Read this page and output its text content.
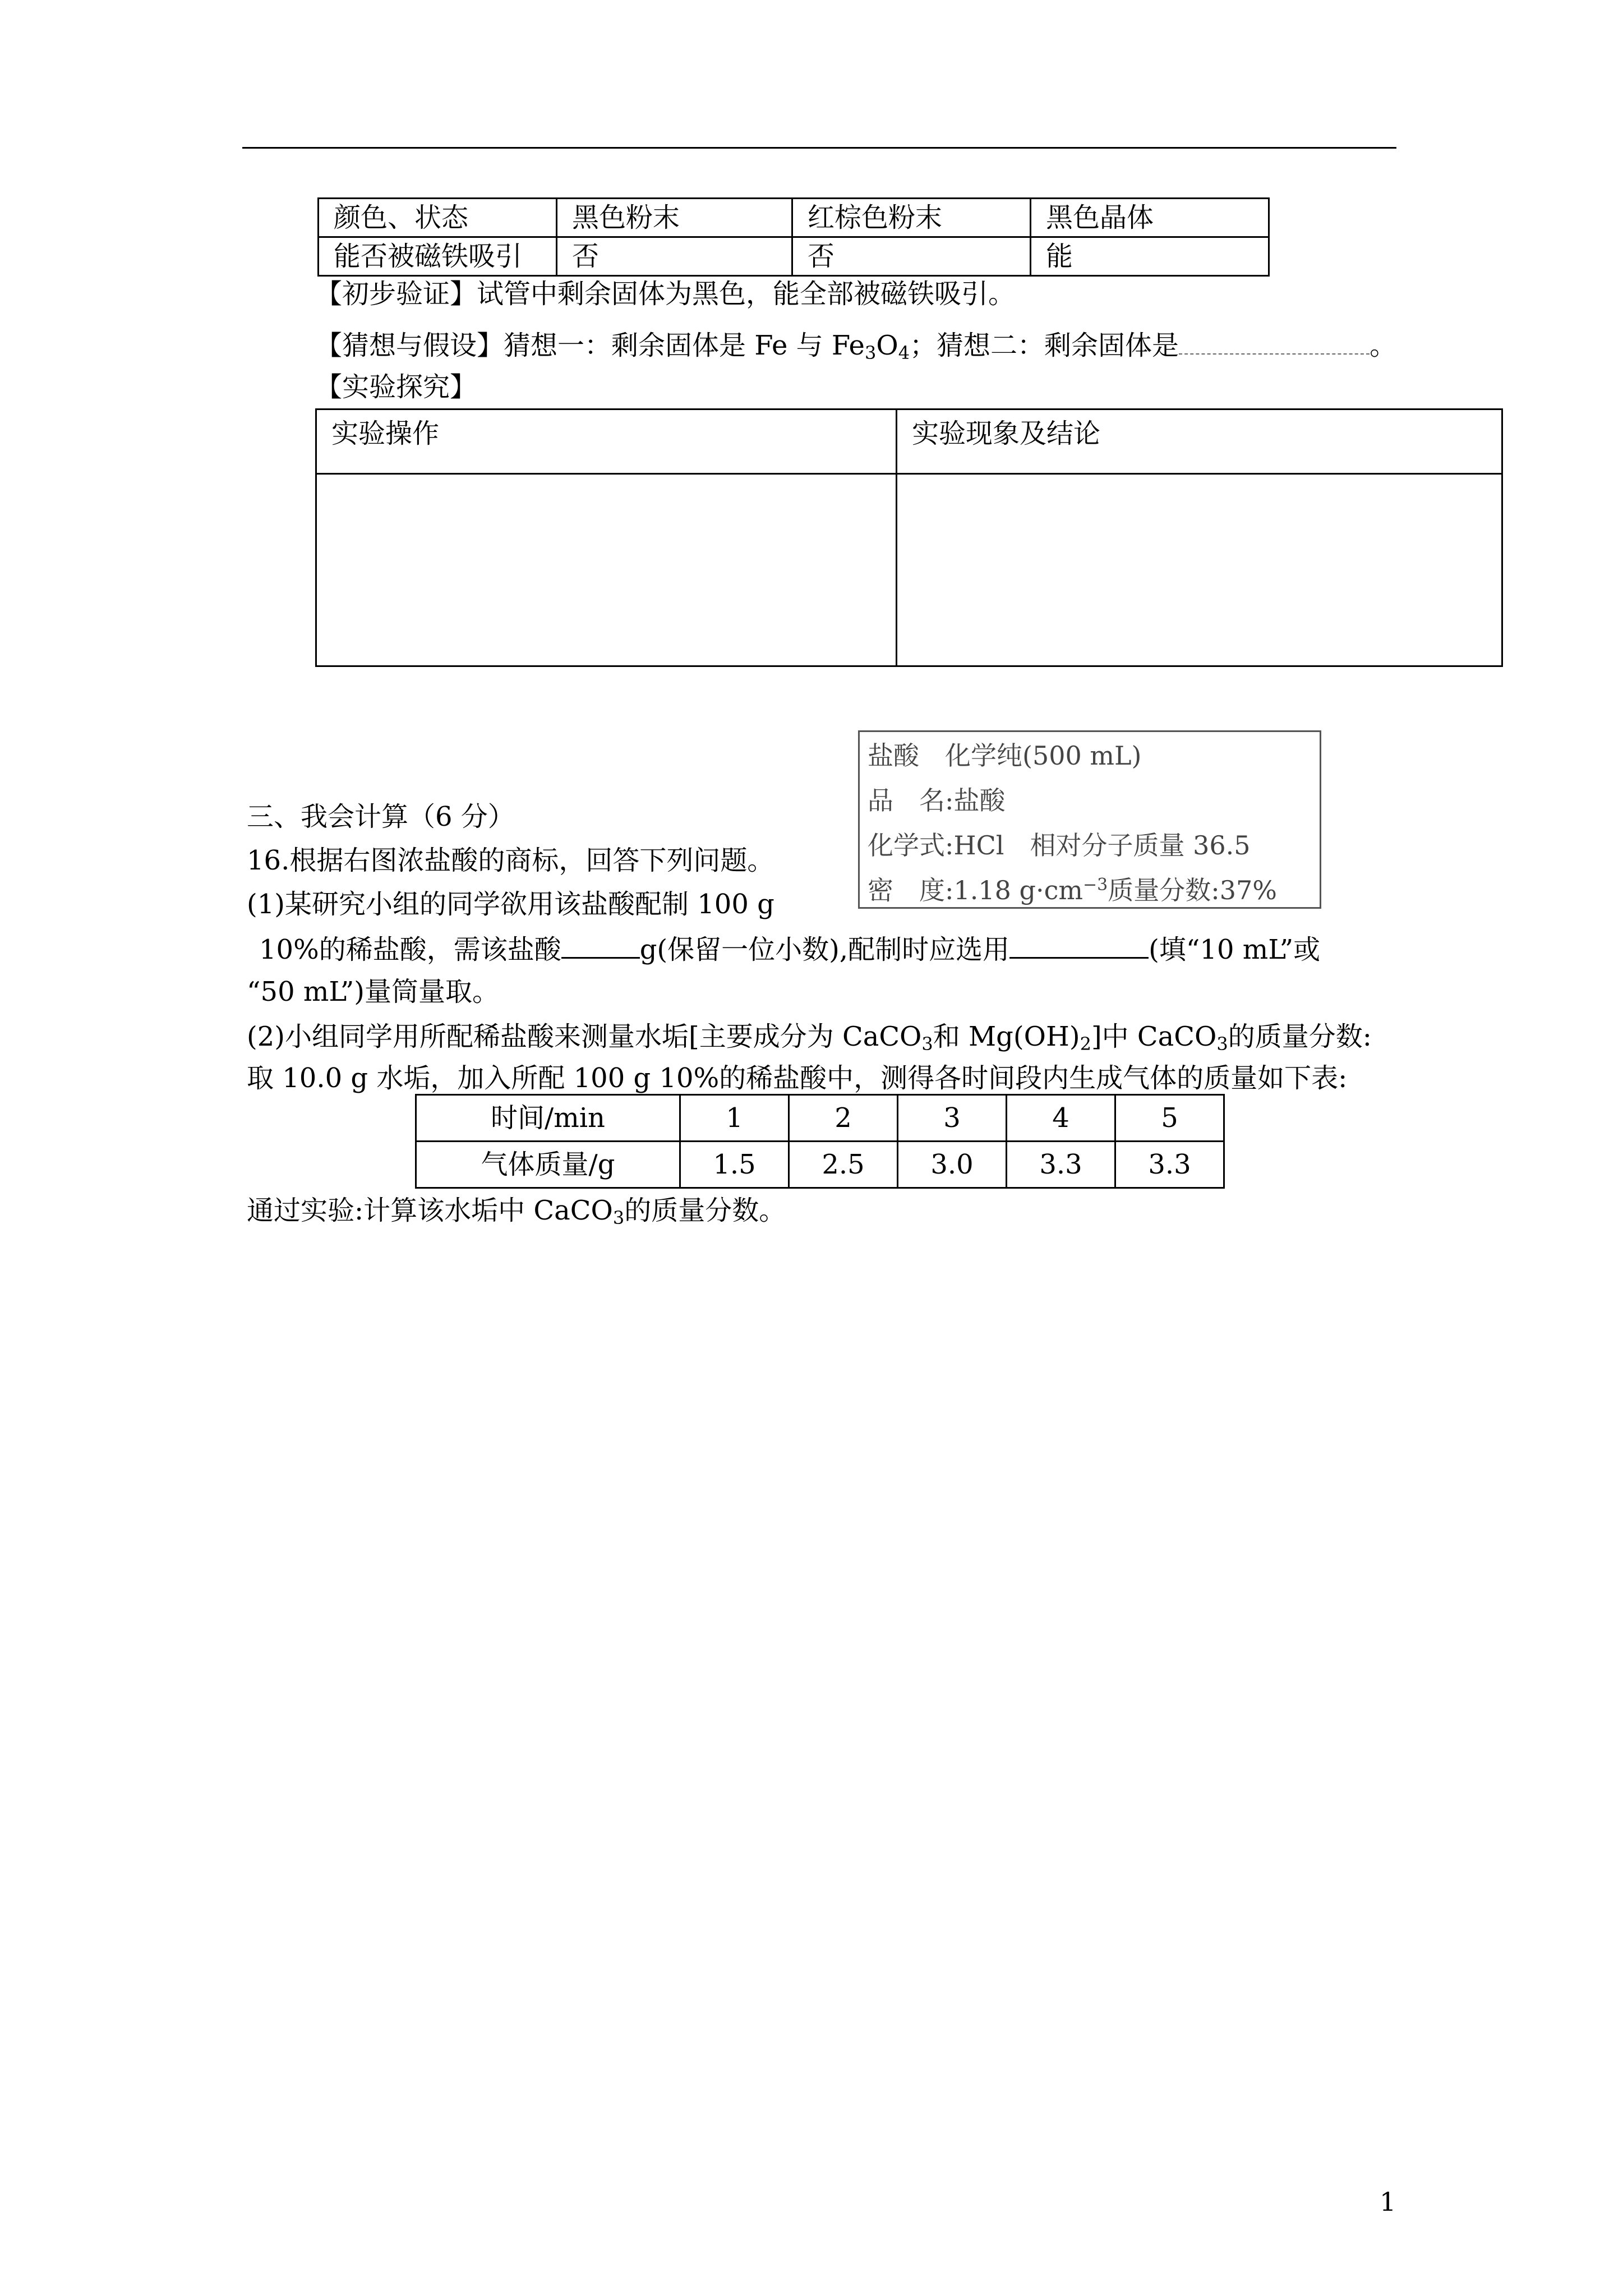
颜色、状态	黑色粉末	红棕色粉末	黑色晶体
能否被磁铁吸引	否	否	能
【初步验证】试管中剩余固体为黑色，能全部被磁铁吸引。
【猜想与假设】猜想一：剩余固体是 Fe 与 $Fe_3O_4$；猜想二：剩余固体是	。
【实验探究】
实验操作	实验现象及结论

盐酸　化学纯(500 mL)
品　名:盐酸
化学式:HCl　相对分子质量 36.5
密　度:1.18 $g\cdot cm^{-3}$质量分数:37%
三、我会计算（6 分）
16.根据右图浓盐酸的商标，回答下列问题。
(1)某研究小组的同学欲用该盐酸配制 100 g
10%的稀盐酸，需该盐酸	g(保留一位小数),配制时应选用	(填“10 mL”或
“50 mL”)量筒量取。
(2)小组同学用所配稀盐酸来测量水垢[主要成分为 CaCO$_3$和 $Mg(OH)_2$]中 CaCO$_3$的质量分数:
取 10.0 g 水垢，加入所配 100 g 10%的稀盐酸中，测得各时间段内生成气体的质量如下表:
时间/min	1	2	3	4	5
气体质量/g	1.5	2.5	3.0	3.3	3.3
通过实验:计算该水垢中 CaCO$_3$的质量分数。
1
